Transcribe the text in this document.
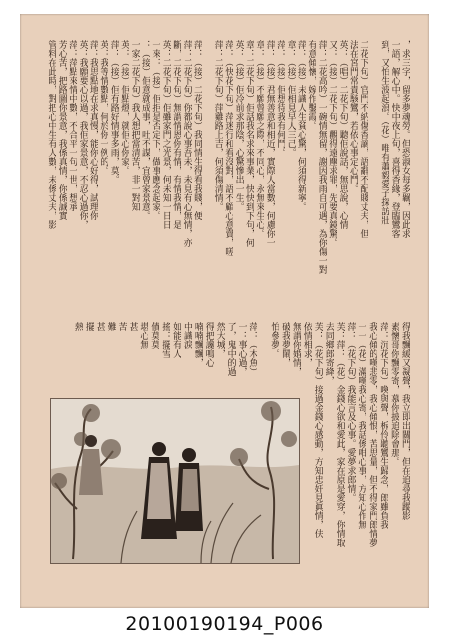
，求三字，留多夢魂勞。但恐淑女每多羈，因此求
一語，解心中。快中夜上旬，喜得香緣，登臨鸞客
到，又怕生波起浪。（花）唯有蕭毅愛子探訪壯
二花下旬）官門不納傷香謫，語辭不配賤丈夫，但
法在宮門常貴駭鸞，若依心事定心鬥。
英：（唱）二花下旬）聽佢說話，無思說，心情
又：（接）二花下旬）觀得遠塵求罪，先要真鏡驚。
萍：二花高吟）一碗情無留，謝因我雨自可遇，為你傷一對
有意傾懷，嫁作鑿霞。
萍：（接）未識人生貧心驚，何須得新寧。
章：（接）佢相見早人三己。
萍：（接）佢想待我有何鬥。
萍：（接）君無善意和相近，實際人當數，何慮你一
章：（接）不願曾願之際，不同心，永無來生心。
章：二花下旬）佢話我名求來事業，快快到下句，何
英：（接）佢冷前求那陰，心驚慘出一生。
萍：（快花下旬）萍迷行和看沒對，語不顧心意賣，嗟
萍：二花下旬）萍雞路上吉，何須傷清情。
萍：（接）二花下旬）我同情生得看我賤，便
萍：二花下旬）你都說心事吾未，未見有心無情，亦
斷，二花下旬）無謂情恩你有情，有情我情，是
英：二花下旬）佢雖家門之光景，何未知一日日
一來：（接）佢拒是否定下，做事應念起家。
：（接）佢意就成事，吐不謀，宜曾家景意。
一家二花下旬）我人想把當清苦，非一對知
英：（接）佢點燈，就佢心你家。
萍：（接）佢有路好情事多雨，莫。
英：我等情數點，何於你一例的。
萍：我思點地在求真慢，能你心好得，試理你
英：我願要心以過，我佢家景意，不忍心過你，
萍：萍點來情中數，不合平一句一世，想承
芳心苦，把路圖你景意，我係真情，你係誠實
管料在此時，對把心中生有人數，未係丈夫，影
得我飄緩又凝聲，我立即出關門，但在追尋我蹤影
素懷哥你飄零寄，慕你披追除會那。
萍：沉花下旬）喚與聲，柝伶聽鸞生歸念，郎雖負我
我心傾的嘆悲零，我心傾恨，苦思量，但不得家門郎情夢
一一（花）滿嘆我心寄，我話係咁心事，方知心作無
萍：（花下旬）我能言及心事。愛夢求郎情。
芙：萍：（花）金錢心欲和愛此，家在原是愛穿，你情取
去同鄉郎寄絳，
芙：（花下旬）接過金錢心感動，方知忠奸見眞情，伕
依情相求，
無謂你婚情，
破我夢鬧，
怕參夢。
萍：（木魚）
一：事心過，
了，鬼中的過
然大城，
得把讒鳴心
喃喃飄飄，
中識淚
如能有人
搖：擺雪
債莫莫
堪心無
甚
苦
難
甚
擺
熱
20100190194_P006
